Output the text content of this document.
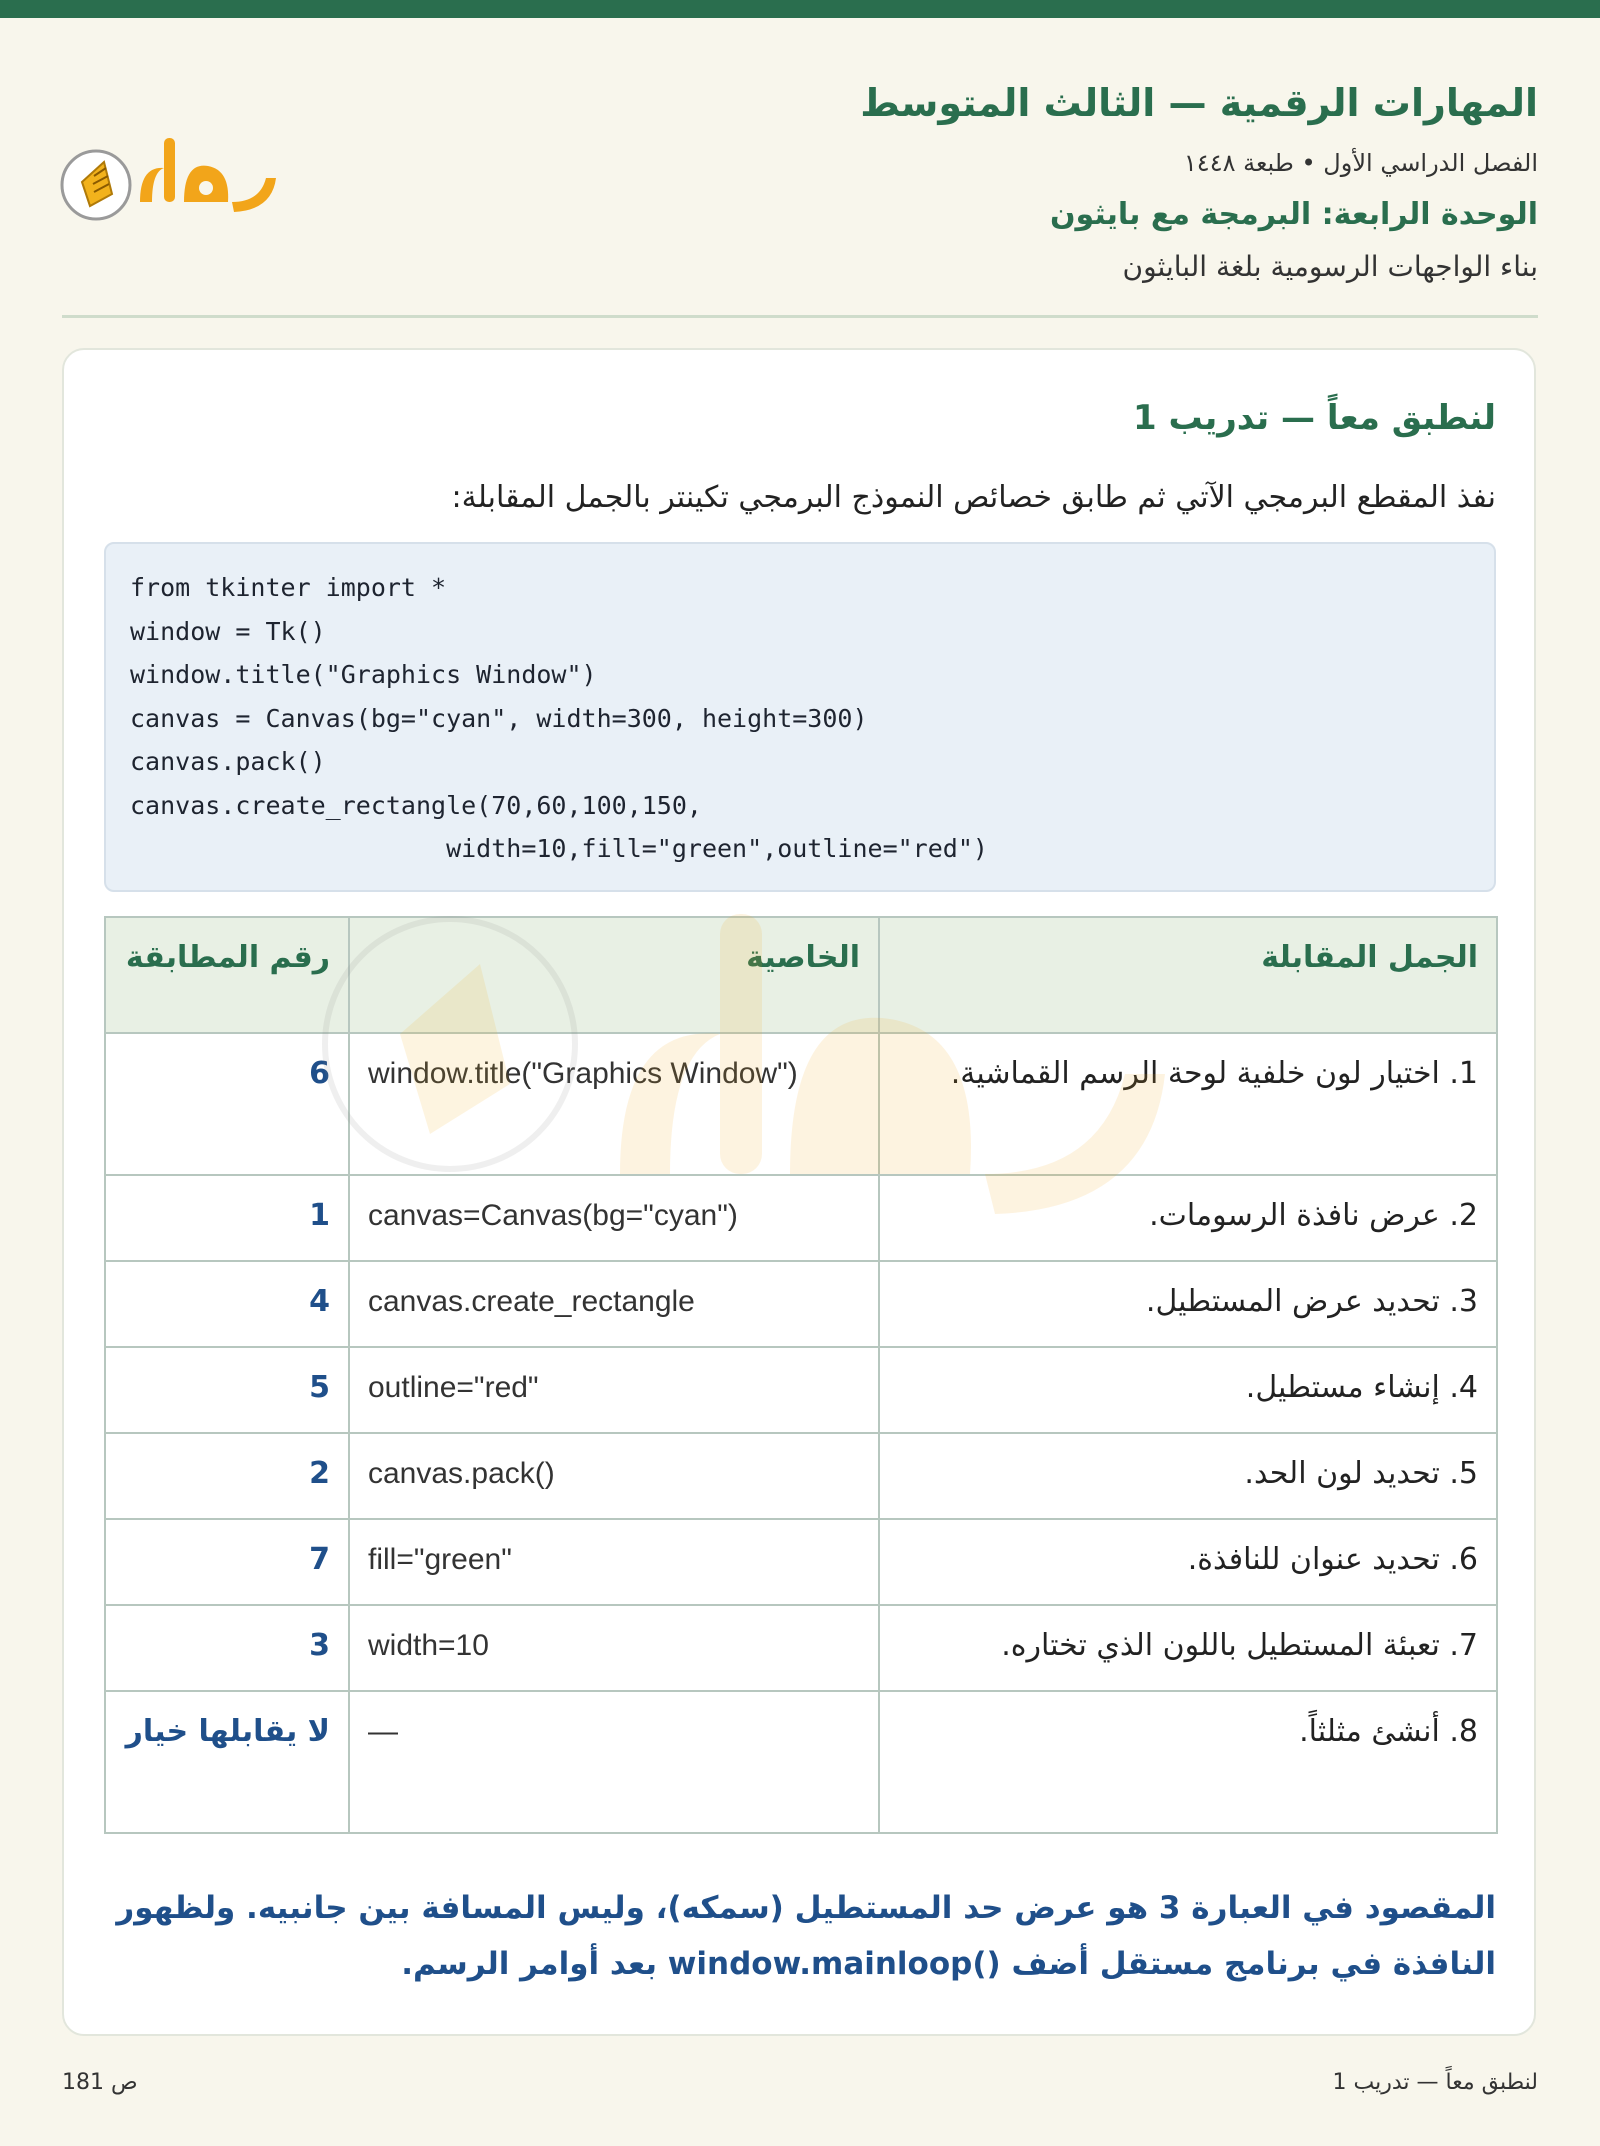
المهارات الرقمية — الثالث المتوسط
الفصل الدراسي الأول • طبعة ١٤٤٨
الوحدة الرابعة: البرمجة مع بايثون
بناء الواجهات الرسومية بلغة البايثون
لنطبق معاً — تدريب 1
نفذ المقطع البرمجي الآتي ثم طابق خصائص النموذج البرمجي تكينتر بالجمل المقابلة:
from tkinter import *
window = Tk()
window.title("Graphics Window")
canvas = Canvas(bg="cyan", width=300, height=300)
canvas.pack()
canvas.create_rectangle(70,60,100,150,
width=10,fill="green",outline="red")
الجمل المقابلة	الخاصية	رقم المطابقة
1. اختيار لون خلفية لوحة الرسم القماشية.	window.title("Graphics Window")	6
2. عرض نافذة الرسومات.	canvas=Canvas(bg="cyan")	1
3. تحديد عرض المستطيل.	canvas.create_rectangle	4
4. إنشاء مستطيل.	outline="red"	5
5. تحديد لون الحد.	canvas.pack()	2
6. تحديد عنوان للنافذة.	fill="green"	7
7. تعبئة المستطيل باللون الذي تختاره.	width=10	3
8. أنشئ مثلثاً.	—	لا يقابلها خيار
المقصود في العبارة 3 هو عرض حد المستطيل (سمكه)، وليس المسافة بين جانبيه. ولظهور النافذة في برنامج مستقل أضف ()window.mainloop بعد أوامر الرسم.
ص 181	لنطبق معاً — تدريب 1
